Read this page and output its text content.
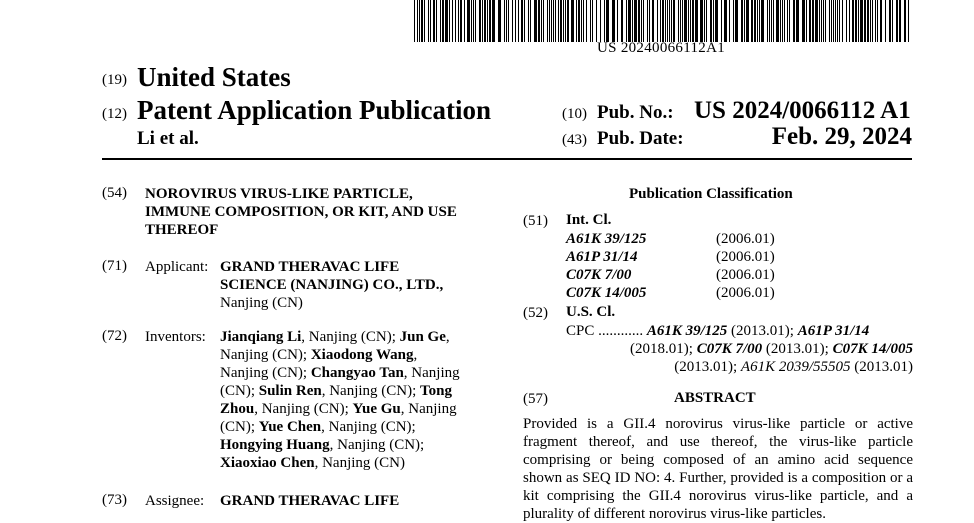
US 20240066112A1
(19) United States
(12) Patent Application Publication
Li et al.
(10) Pub. No.: US 2024/0066112 A1
(43) Pub. Date:	Feb. 29, 2024
(54) NOROVIRUS VIRUS-LIKE PARTICLE,
IMMUNE COMPOSITION, OR KIT, AND USE
THEREOF
(71) Applicant: GRAND THERAVAC LIFE
SCIENCE (NANJING) CO., LTD.,
Nanjing (CN)
(72) Inventors: Jianqiang Li, Nanjing (CN); Jun Ge,
Nanjing (CN); Xiaodong Wang,
Nanjing (CN); Changyao Tan, Nanjing
(CN); Sulin Ren, Nanjing (CN); Tong
Zhou, Nanjing (CN); Yue Gu, Nanjing
(CN); Yue Chen, Nanjing (CN);
Hongying Huang, Nanjing (CN);
Xiaoxiao Chen, Nanjing (CN)
(73) Assignee: GRAND THERAVAC LIFE
Publication Classification
(51) Int. Cl.
A61K 39/125	(2006.01)
A61P 31/14	(2006.01)
C07K 7/00	(2006.01)
C07K 14/005	(2006.01)
(52) U.S. Cl.
CPC ............ A61K 39/125 (2013.01); A61P 31/14
(2018.01); C07K 7/00 (2013.01); C07K 14/005
(2013.01); A61K 2039/55505 (2013.01)
(57)	ABSTRACT
Provided is a GII.4 norovirus virus-like particle or active fragment thereof, and use thereof, the virus-like particle comprising or being composed of an amino acid sequence shown as SEQ ID NO: 4. Further, provided is a composition or a kit comprising the GII.4 norovirus virus-like particle, and a plurality of different norovirus virus-like particles.
